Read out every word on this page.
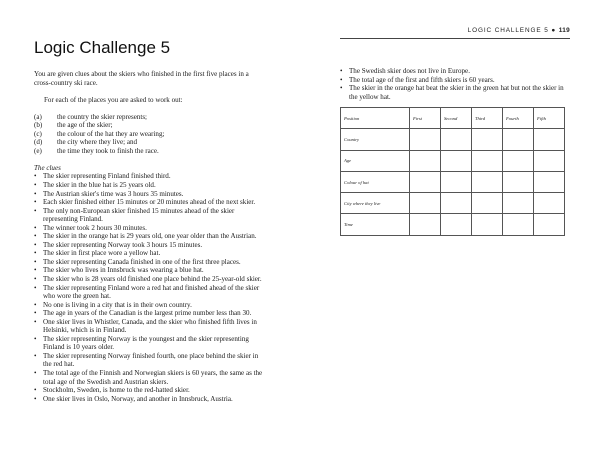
Logic Challenge 5

You are given clues about the skiers who finished in the first five places in a cross-country ski race.

For each of the places you are asked to work out:

(a) the country the skier represents;
(b) the age of the skier;
(c) the colour of the hat they are wearing;
(d) the city where they live; and
(e) the time they took to finish the race.

The clues

• The skier representing Finland finished third.
• The skier in the blue hat is 25 years old.
• The Austrian skier's time was 3 hours 35 minutes.
• Each skier finished either 15 minutes or 20 minutes ahead of the next skier.
• The only non-European skier finished 15 minutes ahead of the skier representing Finland.
• The winner took 2 hours 30 minutes.
• The skier in the orange hat is 29 years old, one year older than the Austrian.
• The skier representing Norway took 3 hours 15 minutes.
• The skier in first place wore a yellow hat.
• The skier representing Canada finished in one of the first three places.
• The skier who lives in Innsbruck was wearing a blue hat.
• The skier who is 28 years old finished one place behind the 25-year-old skier.
• The skier representing Finland wore a red hat and finished ahead of the skier who wore the green hat.
• No one is living in a city that is in their own country.
• The age in years of the Canadian is the largest prime number less than 30.
• One skier lives in Whistler, Canada, and the skier who finished fifth lives in Helsinki, which is in Finland.
• The skier representing Norway is the youngest and the skier representing Finland is 10 years older.
• The skier representing Norway finished fourth, one place behind the skier in the red hat.
• The total age of the Finnish and Norwegian skiers is 60 years, the same as the total age of the Swedish and Austrian skiers.
• Stockholm, Sweden, is home to the red-hatted skier.
• One skier lives in Oslo, Norway, and another in Innsbruck, Austria.
LOGIC CHALLENGE 5 ● 119
• The Swedish skier does not live in Europe.
• The total age of the first and fifth skiers is 60 years.
• The skier in the orange hat beat the skier in the green hat but not the skier in the yellow hat.
Position	First	Second	Third	Fourth	Fifth
Country					
Age					
Colour of hat					
City where they live					
Time					
